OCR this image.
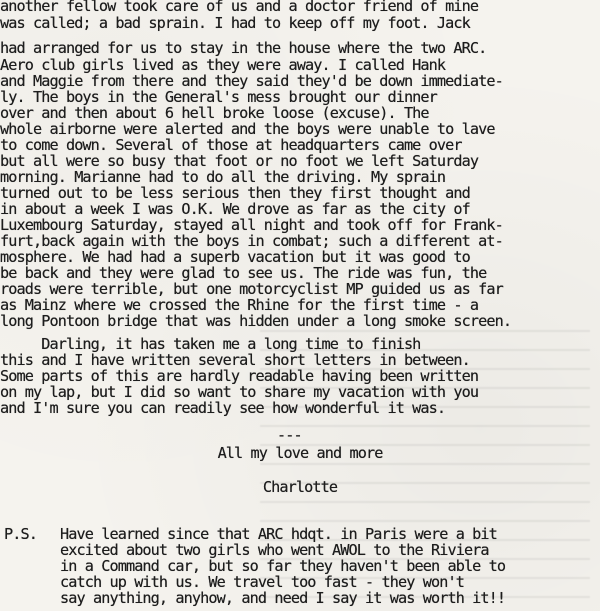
another fellow took care of us and a doctor friend of mine
was called; a bad sprain. I had to keep off my foot. Jack
had arranged for us to stay in the house where the two ARC.
Aero club girls lived as they were away. I called Hank
and Maggie from there and they said they'd be down immediate-
ly. The boys in the General's mess brought our dinner
over and then about 6 hell broke loose (excuse). The
whole airborne were alerted and the boys were unable to lave
to come down. Several of those at headquarters came over
but all were so busy that foot or no foot we left Saturday
morning. Marianne had to do all the driving. My sprain
turned out to be less serious then they first thought and
in about a week I was O.K. We drove as far as the city of
Luxembourg Saturday, stayed all night and took off for Frank-
furt,back again with the boys in combat; such a different at-
mosphere. We had had a superb vacation but it was good to
be back and they were glad to see us. The ride was fun, the
roads were terrible, but one motorcyclist MP guided us as far
as Mainz where we crossed the Rhine for the first time - a
long Pontoon bridge that was hidden under a long smoke screen.
Darling, it has taken me a long time to finish
this and I have written several short letters in between.
Some parts of this are hardly readable having been written
on my lap, but I did so want to share my vacation with you
and I'm sure you can readily see how wonderful it was.
---
All my love and more
Charlotte
P.S. Have learned since that ARC hdqt. in Paris were a bit
excited about two girls who went AWOL to the Riviera
in a Command car, but so far they haven't been able to
catch up with us. We travel too fast - they won't
say anything, anyhow, and need I say it was worth it!!
